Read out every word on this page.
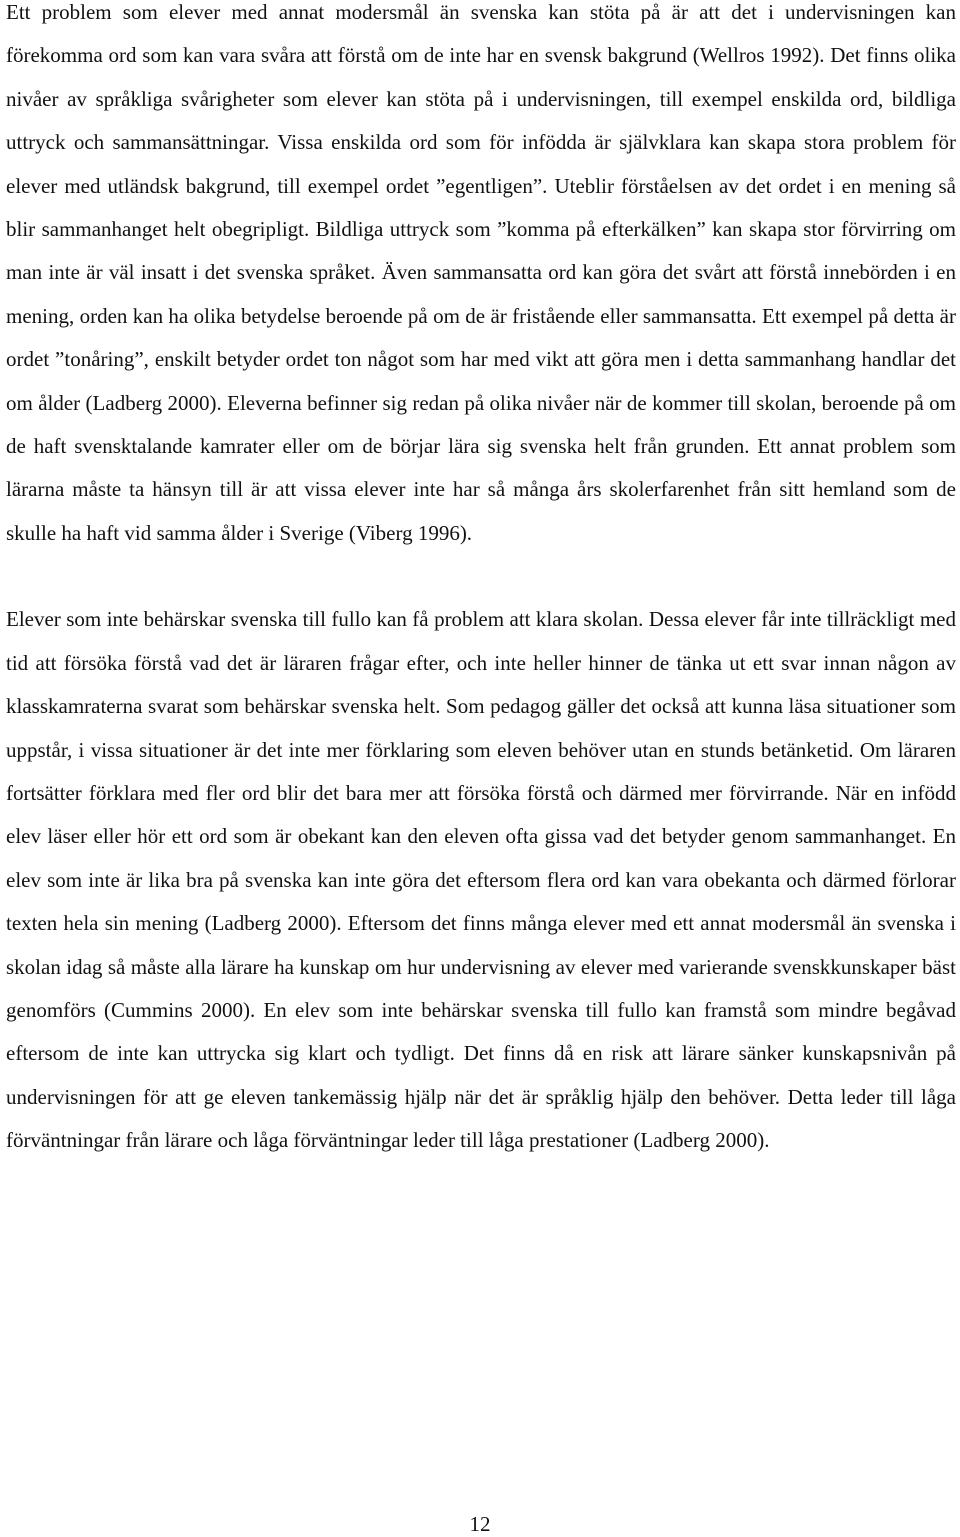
Ett problem som elever med annat modersmål än svenska kan stöta på är att det i undervisningen kan förekomma ord som kan vara svåra att förstå om de inte har en svensk bakgrund (Wellros 1992). Det finns olika nivåer av språkliga svårigheter som elever kan stöta på i undervisningen, till exempel enskilda ord, bildliga uttryck och sammansättningar. Vissa enskilda ord som för infödda är självklara kan skapa stora problem för elever med utländsk bakgrund, till exempel ordet ”egentligen”. Uteblir förståelsen av det ordet i en mening så blir sammanhanget helt obegripligt. Bildliga uttryck som ”komma på efterkälken” kan skapa stor förvirring om man inte är väl insatt i det svenska språket. Även sammansatta ord kan göra det svårt att förstå innebörden i en mening, orden kan ha olika betydelse beroende på om de är fristående eller sammansatta. Ett exempel på detta är ordet ”tonåring”, enskilt betyder ordet ton något som har med vikt att göra men i detta sammanhang handlar det om ålder (Ladberg 2000). Eleverna befinner sig redan på olika nivåer när de kommer till skolan, beroende på om de haft svensktalande kamrater eller om de börjar lära sig svenska helt från grunden. Ett annat problem som lärarna måste ta hänsyn till är att vissa elever inte har så många års skolerfarenhet från sitt hemland som de skulle ha haft vid samma ålder i Sverige (Viberg 1996).

Elever som inte behärskar svenska till fullo kan få problem att klara skolan. Dessa elever får inte tillräckligt med tid att försöka förstå vad det är läraren frågar efter, och inte heller hinner de tänka ut ett svar innan någon av klasskamraterna svarat som behärskar svenska helt. Som pedagog gäller det också att kunna läsa situationer som uppstår, i vissa situationer är det inte mer förklaring som eleven behöver utan en stunds betänketid. Om läraren fortsätter förklara med fler ord blir det bara mer att försöka förstå och därmed mer förvirrande. När en infödd elev läser eller hör ett ord som är obekant kan den eleven ofta gissa vad det betyder genom sammanhanget. En elev som inte är lika bra på svenska kan inte göra det eftersom flera ord kan vara obekanta och därmed förlorar texten hela sin mening (Ladberg 2000). Eftersom det finns många elever med ett annat modersmål än svenska i skolan idag så måste alla lärare ha kunskap om hur undervisning av elever med varierande svenskkunskaper bäst genomförs (Cummins 2000). En elev som inte behärskar svenska till fullo kan framstå som mindre begåvad eftersom de inte kan uttrycka sig klart och tydligt. Det finns då en risk att lärare sänker kunskapsnivån på undervisningen för att ge eleven tankemässig hjälp när det är språklig hjälp den behöver. Detta leder till låga förväntningar från lärare och låga förväntningar leder till låga prestationer (Ladberg 2000).

12
